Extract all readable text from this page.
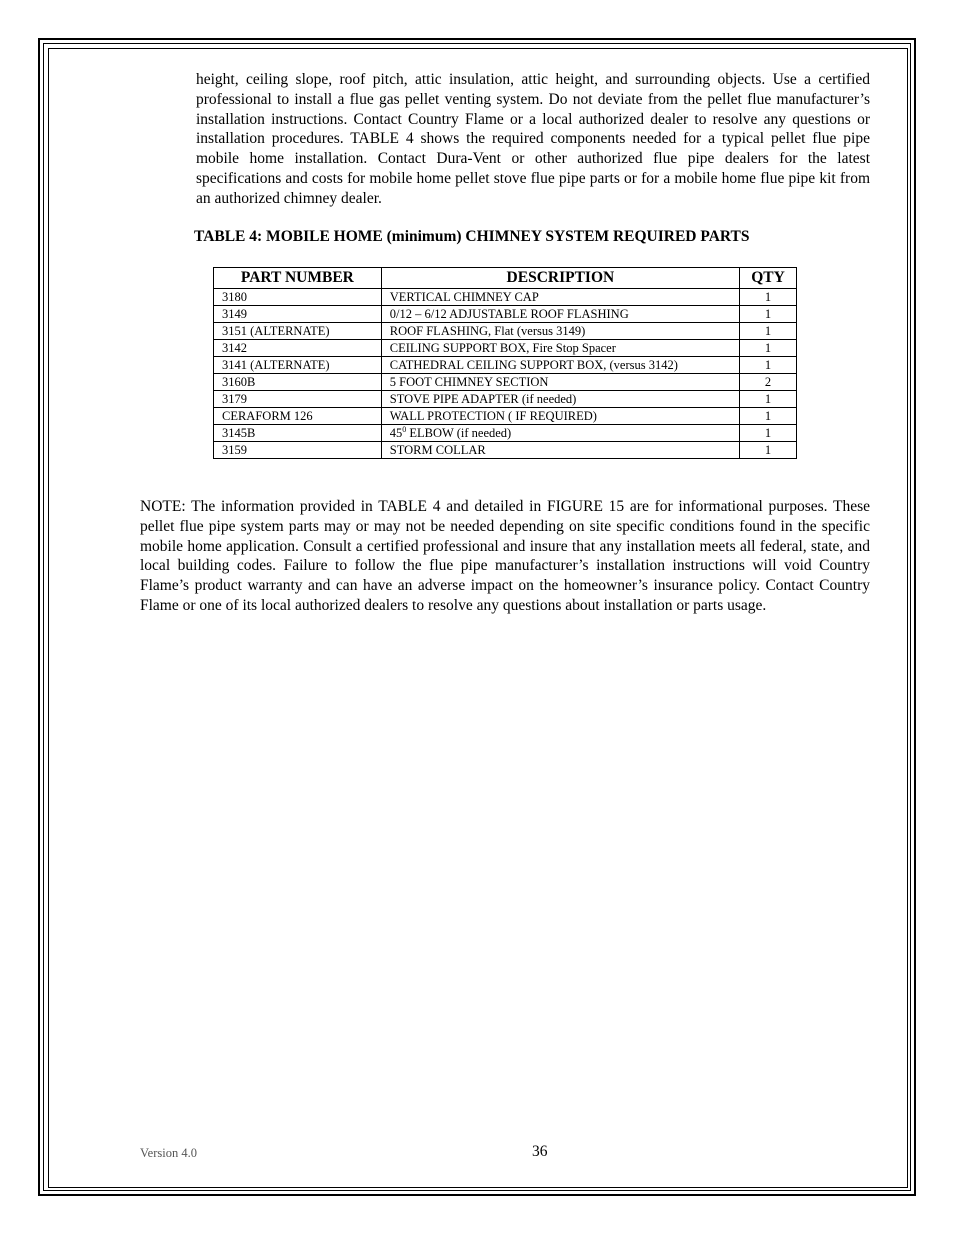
height, ceiling slope, roof pitch, attic insulation, attic height, and surrounding objects. Use a certified professional to install a flue gas pellet venting system. Do not deviate from the pellet flue manufacturer’s installation instructions. Contact Country Flame or a local authorized dealer to resolve any questions or installation procedures. TABLE 4 shows the required components needed for a typical pellet flue pipe mobile home installation. Contact Dura-Vent or other authorized flue pipe dealers for the latest specifications and costs for mobile home pellet stove flue pipe parts or for a mobile home flue pipe kit from an authorized chimney dealer.

TABLE 4: MOBILE HOME (minimum) CHIMNEY SYSTEM REQUIRED PARTS

PART NUMBER	DESCRIPTION	QTY
3180	VERTICAL CHIMNEY CAP	1
3149	0/12 – 6/12 ADJUSTABLE ROOF FLASHING	1
3151 (ALTERNATE)	ROOF FLASHING, Flat (versus 3149)	1
3142	CEILING SUPPORT BOX, Fire Stop Spacer	1
3141 (ALTERNATE)	CATHEDRAL CEILING SUPPORT BOX, (versus 3142)	1
3160B	5 FOOT CHIMNEY SECTION	2
3179	STOVE PIPE ADAPTER (if needed)	1
CERAFORM 126	WALL PROTECTION ( IF REQUIRED)	1
3145B	$45^0$ ELBOW (if needed)	1
3159	STORM COLLAR	1

NOTE: The information provided in TABLE 4 and detailed in FIGURE 15 are for informational purposes. These pellet flue pipe system parts may or may not be needed depending on site specific conditions found in the specific mobile home application. Consult a certified professional and insure that any installation meets all federal, state, and local building codes. Failure to follow the flue pipe manufacturer’s installation instructions will void Country Flame’s product warranty and can have an adverse impact on the homeowner’s insurance policy. Contact Country Flame or one of its local authorized dealers to resolve any questions about installation or parts usage.

Version 4.0	36
